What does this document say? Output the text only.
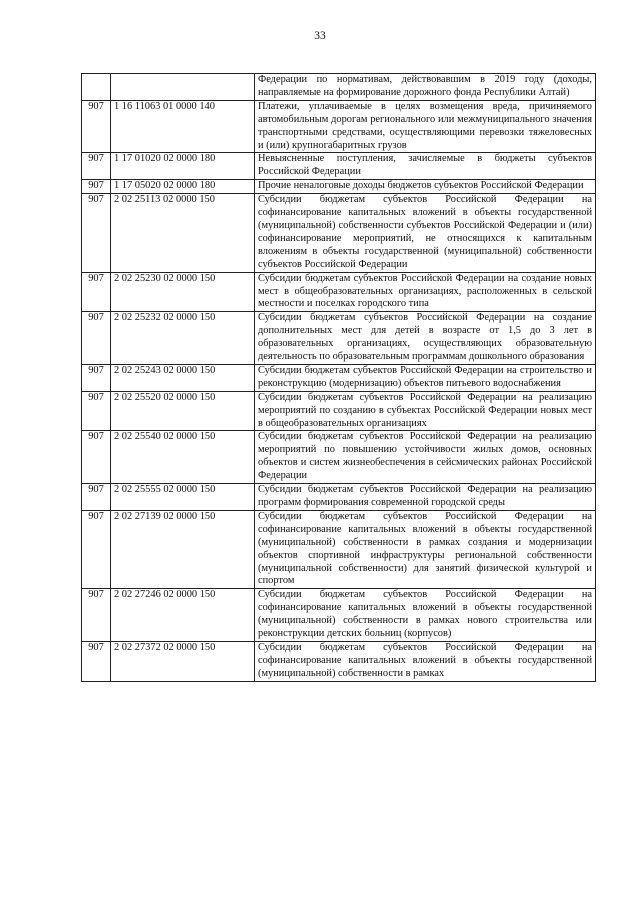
33
		Федерации по нормативам, действовавшим в 2019 году (доходы, направляемые на формирование дорожного фонда Республики Алтай)
907	1 16 11063 01 0000 140	Платежи, уплачиваемые в целях возмещения вреда, причиняемого автомобильным дорогам регионального или межмуниципального значения транспортными средствами, осуществляющими перевозки тяжеловесных и (или) крупногабаритных грузов
907	1 17 01020 02 0000 180	Невыясненные поступления, зачисляемые в бюджеты субъектов Российской Федерации
907	1 17 05020 02 0000 180	Прочие неналоговые доходы бюджетов субъектов Российской Федерации
907	2 02 25113 02 0000 150	Субсидии бюджетам субъектов Российской Федерации на софинансирование капитальных вложений в объекты государственной (муниципальной) собственности субъектов Российской Федерации и (или) софинансирование мероприятий, не относящихся к капитальным вложениям в объекты государственной (муниципальной) собственности субъектов Российской Федерации
907	2 02 25230 02 0000 150	Субсидии бюджетам субъектов Российской Федерации на создание новых мест в общеобразовательных организациях, расположенных в сельской местности и поселках городского типа
907	2 02 25232 02 0000 150	Субсидии бюджетам субъектов Российской Федерации на создание дополнительных мест для детей в возрасте от 1,5 до 3 лет в образовательных организациях, осуществляющих образовательную деятельность по образовательным программам дошкольного образования
907	2 02 25243 02 0000 150	Субсидии бюджетам субъектов Российской Федерации на строительство и реконструкцию (модернизацию) объектов питьевого водоснабжения
907	2 02 25520 02 0000 150	Субсидии бюджетам субъектов Российской Федерации на реализацию мероприятий по созданию в субъектах Российской Федерации новых мест в общеобразовательных организациях
907	2 02 25540 02 0000 150	Субсидии бюджетам субъектов Российской Федерации на реализацию мероприятий по повышению устойчивости жилых домов, основных объектов и систем жизнеобеспечения в сейсмических районах Российской Федерации
907	2 02 25555 02 0000 150	Субсидии бюджетам субъектов Российской Федерации на реализацию программ формирования современной городской среды
907	2 02 27139 02 0000 150	Субсидии бюджетам субъектов Российской Федерации на софинансирование капитальных вложений в объекты государственной (муниципальной) собственности в рамках создания и модернизации объектов спортивной инфраструктуры региональной собственности (муниципальной собственности) для занятий физической культурой и спортом
907	2 02 27246 02 0000 150	Субсидии бюджетам субъектов Российской Федерации на софинансирование капитальных вложений в объекты государственной (муниципальной) собственности в рамках нового строительства или реконструкции детских больниц (корпусов)
907	2 02 27372 02 0000 150	Субсидии бюджетам субъектов Российской Федерации на софинансирование капитальных вложений в объекты государственной (муниципальной) собственности в рамках
